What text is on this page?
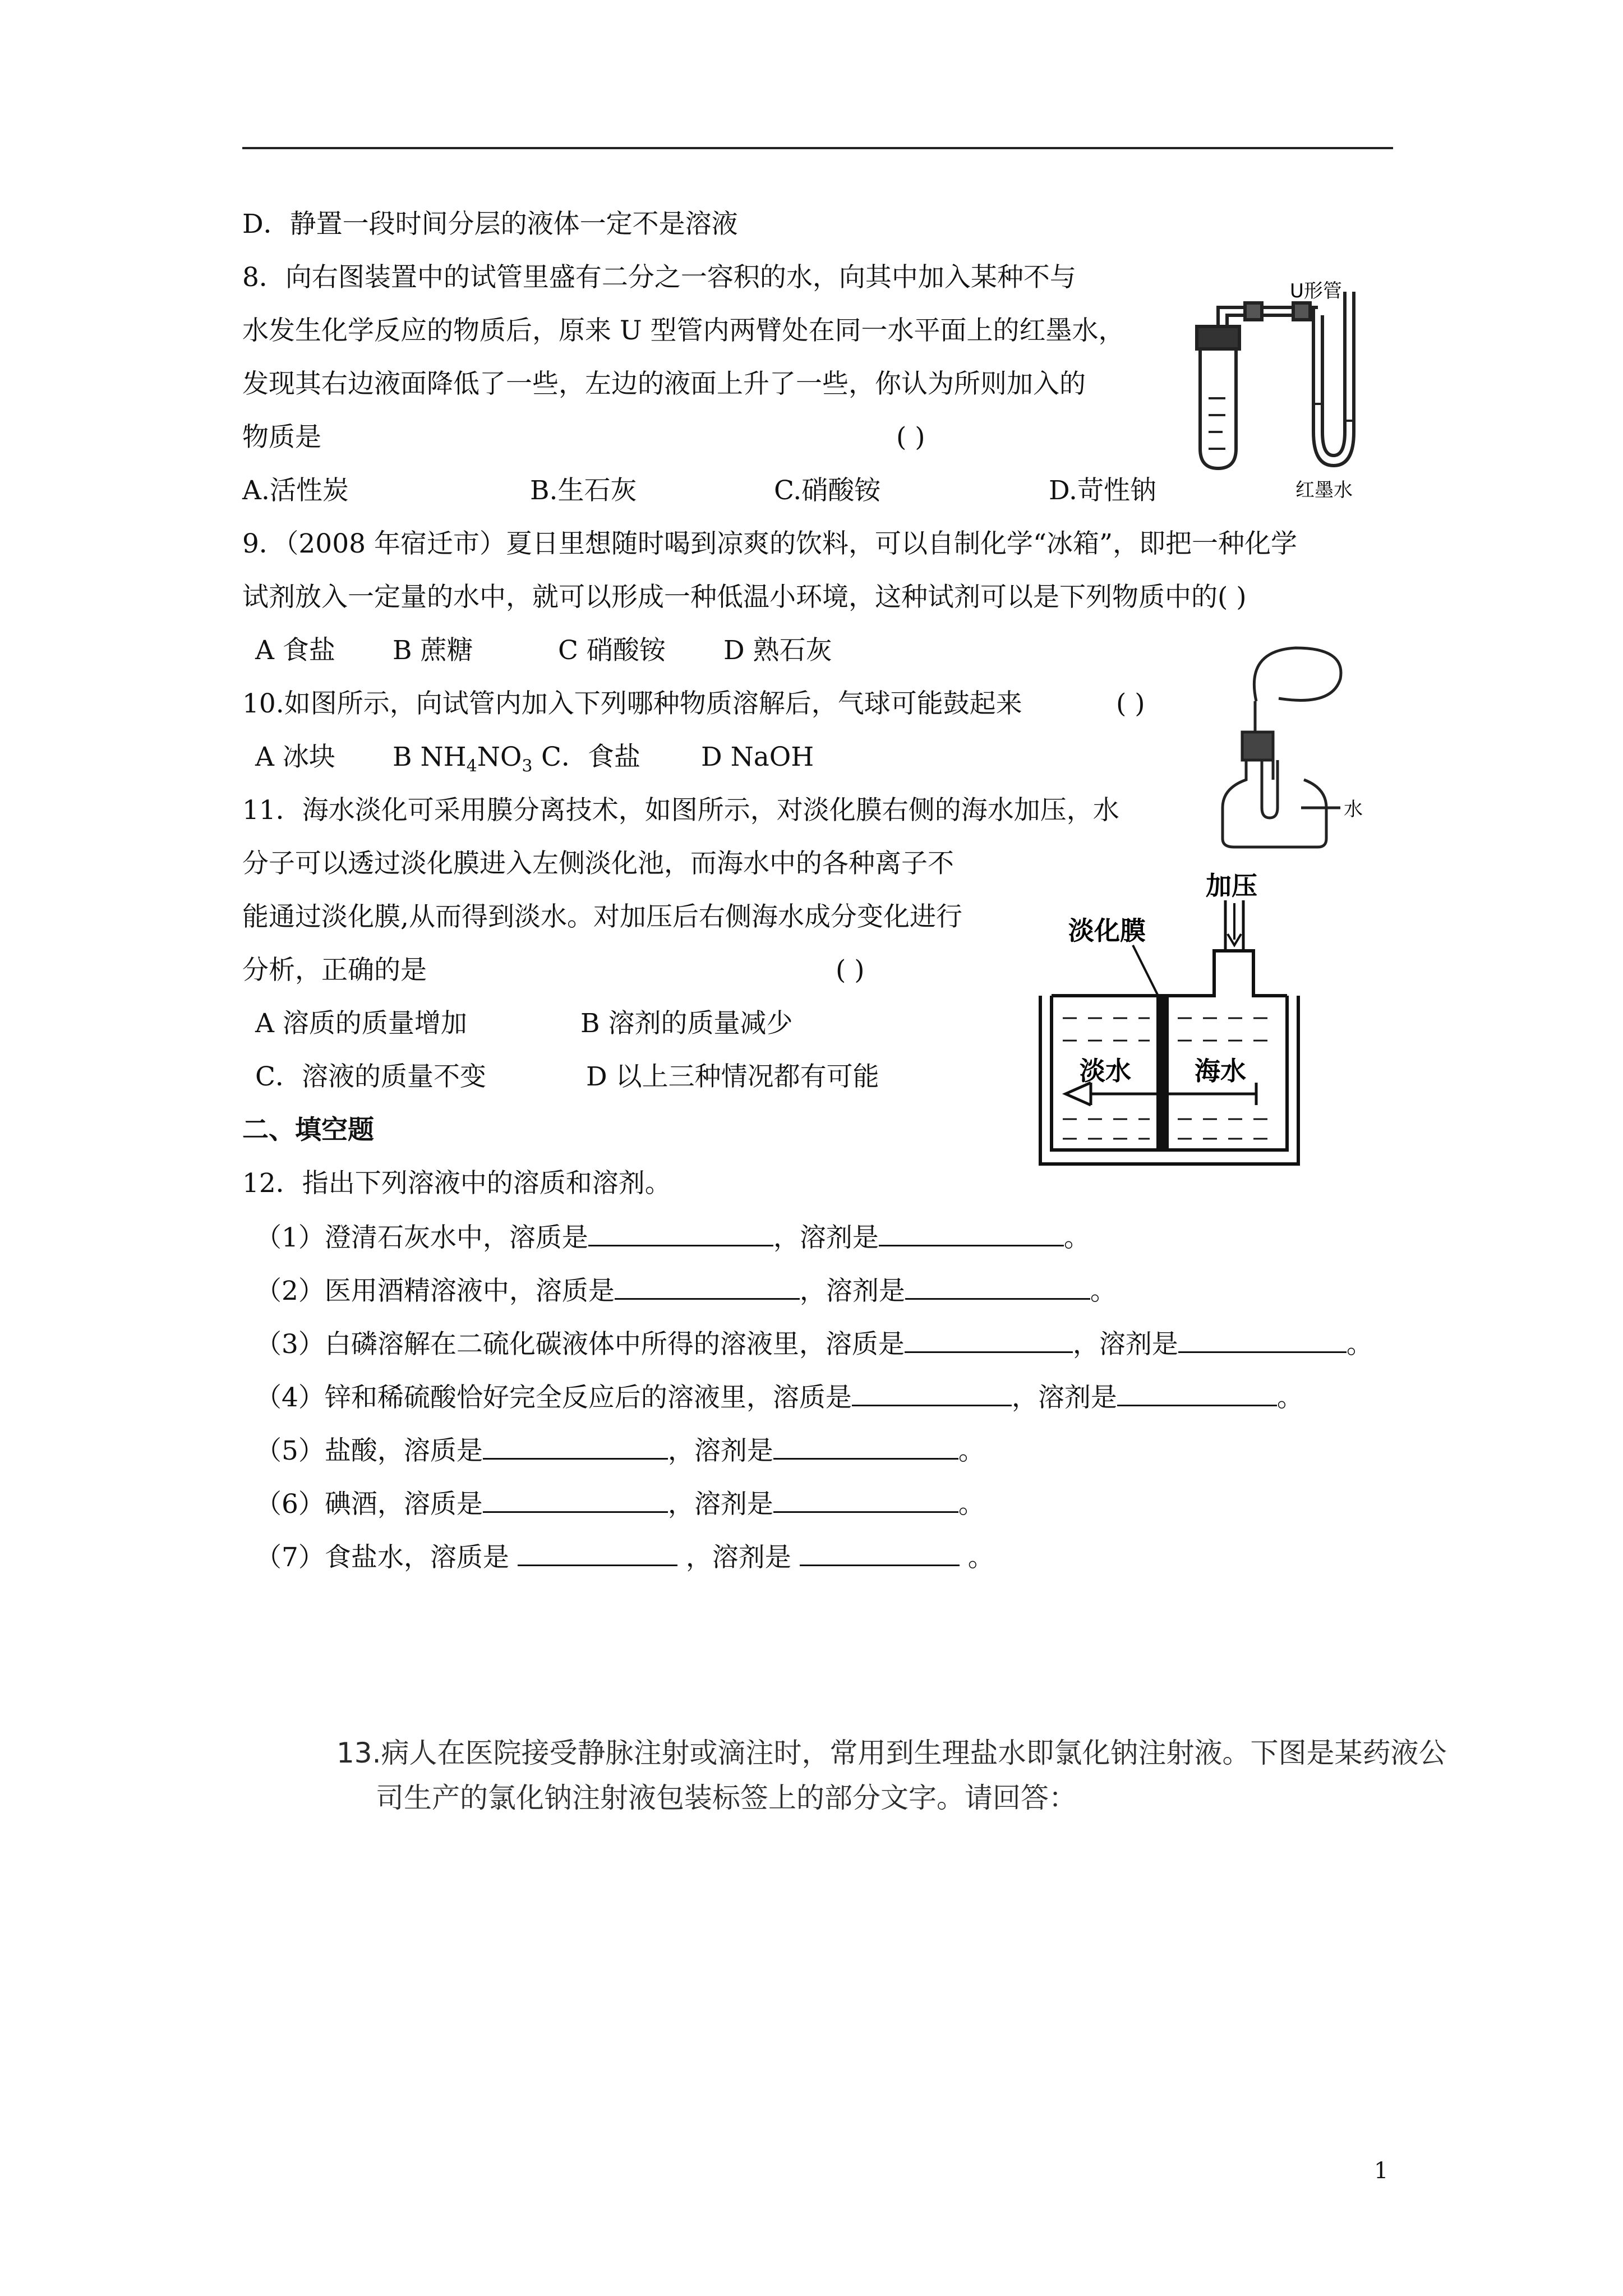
D．静置一段时间分层的液体一定不是溶液
8．向右图装置中的试管里盛有二分之一容积的水，向其中加入某种不与
水发生化学反应的物质后，原来 U 型管内两臂处在同一水平面上的红墨水，
发现其右边液面降低了一些，左边的液面上升了一些，你认为所则加入的
物质是	( )
A.活性炭	B.生石灰	C.硝酸铵	D.苛性钠
U形管
红墨水
9．（2008 年宿迁市）夏日里想随时喝到凉爽的饮料，可以自制化学“冰箱”，即把一种化学
试剂放入一定量的水中，就可以形成一种低温小环境，这种试剂可以是下列物质中的( )
A 食盐 B 蔗糖	C 硝酸铵 D 熟石灰
10.如图所示，向试管内加入下列哪种物质溶解后，气球可能鼓起来	( )
A 冰块 B $NH_4NO_3$ C．食盐 D NaOH
水
11．海水淡化可采用膜分离技术，如图所示，对淡化膜右侧的海水加压，水
分子可以透过淡化膜进入左侧淡化池，而海水中的各种离子不
能通过淡化膜,从而得到淡水。对加压后右侧海水成分变化进行
分析，正确的是	( )
A 溶质的质量增加	B 溶剂的质量减少
C．溶液的质量不变	D 以上三种情况都有可能
加压
淡化膜
淡水 海水
二、填空题
12．指出下列溶液中的溶质和溶剂。
（1）澄清石灰水中，溶质是	，溶剂是	。
（2）医用酒精溶液中，溶质是	，溶剂是	。
（3）白磷溶解在二硫化碳液体中所得的溶液里，溶质是	，溶剂是	。
（4）锌和稀硫酸恰好完全反应后的溶液里，溶质是	，溶剂是	。
（5）盐酸，溶质是	，溶剂是	。
（6）碘酒，溶质是	，溶剂是	。
（7）食盐水，溶质是	，溶剂是	。
13.病人在医院接受静脉注射或滴注时，常用到生理盐水即氯化钠注射液。下图是某药液公
司生产的氯化钠注射液包装标签上的部分文字。请回答：
1
